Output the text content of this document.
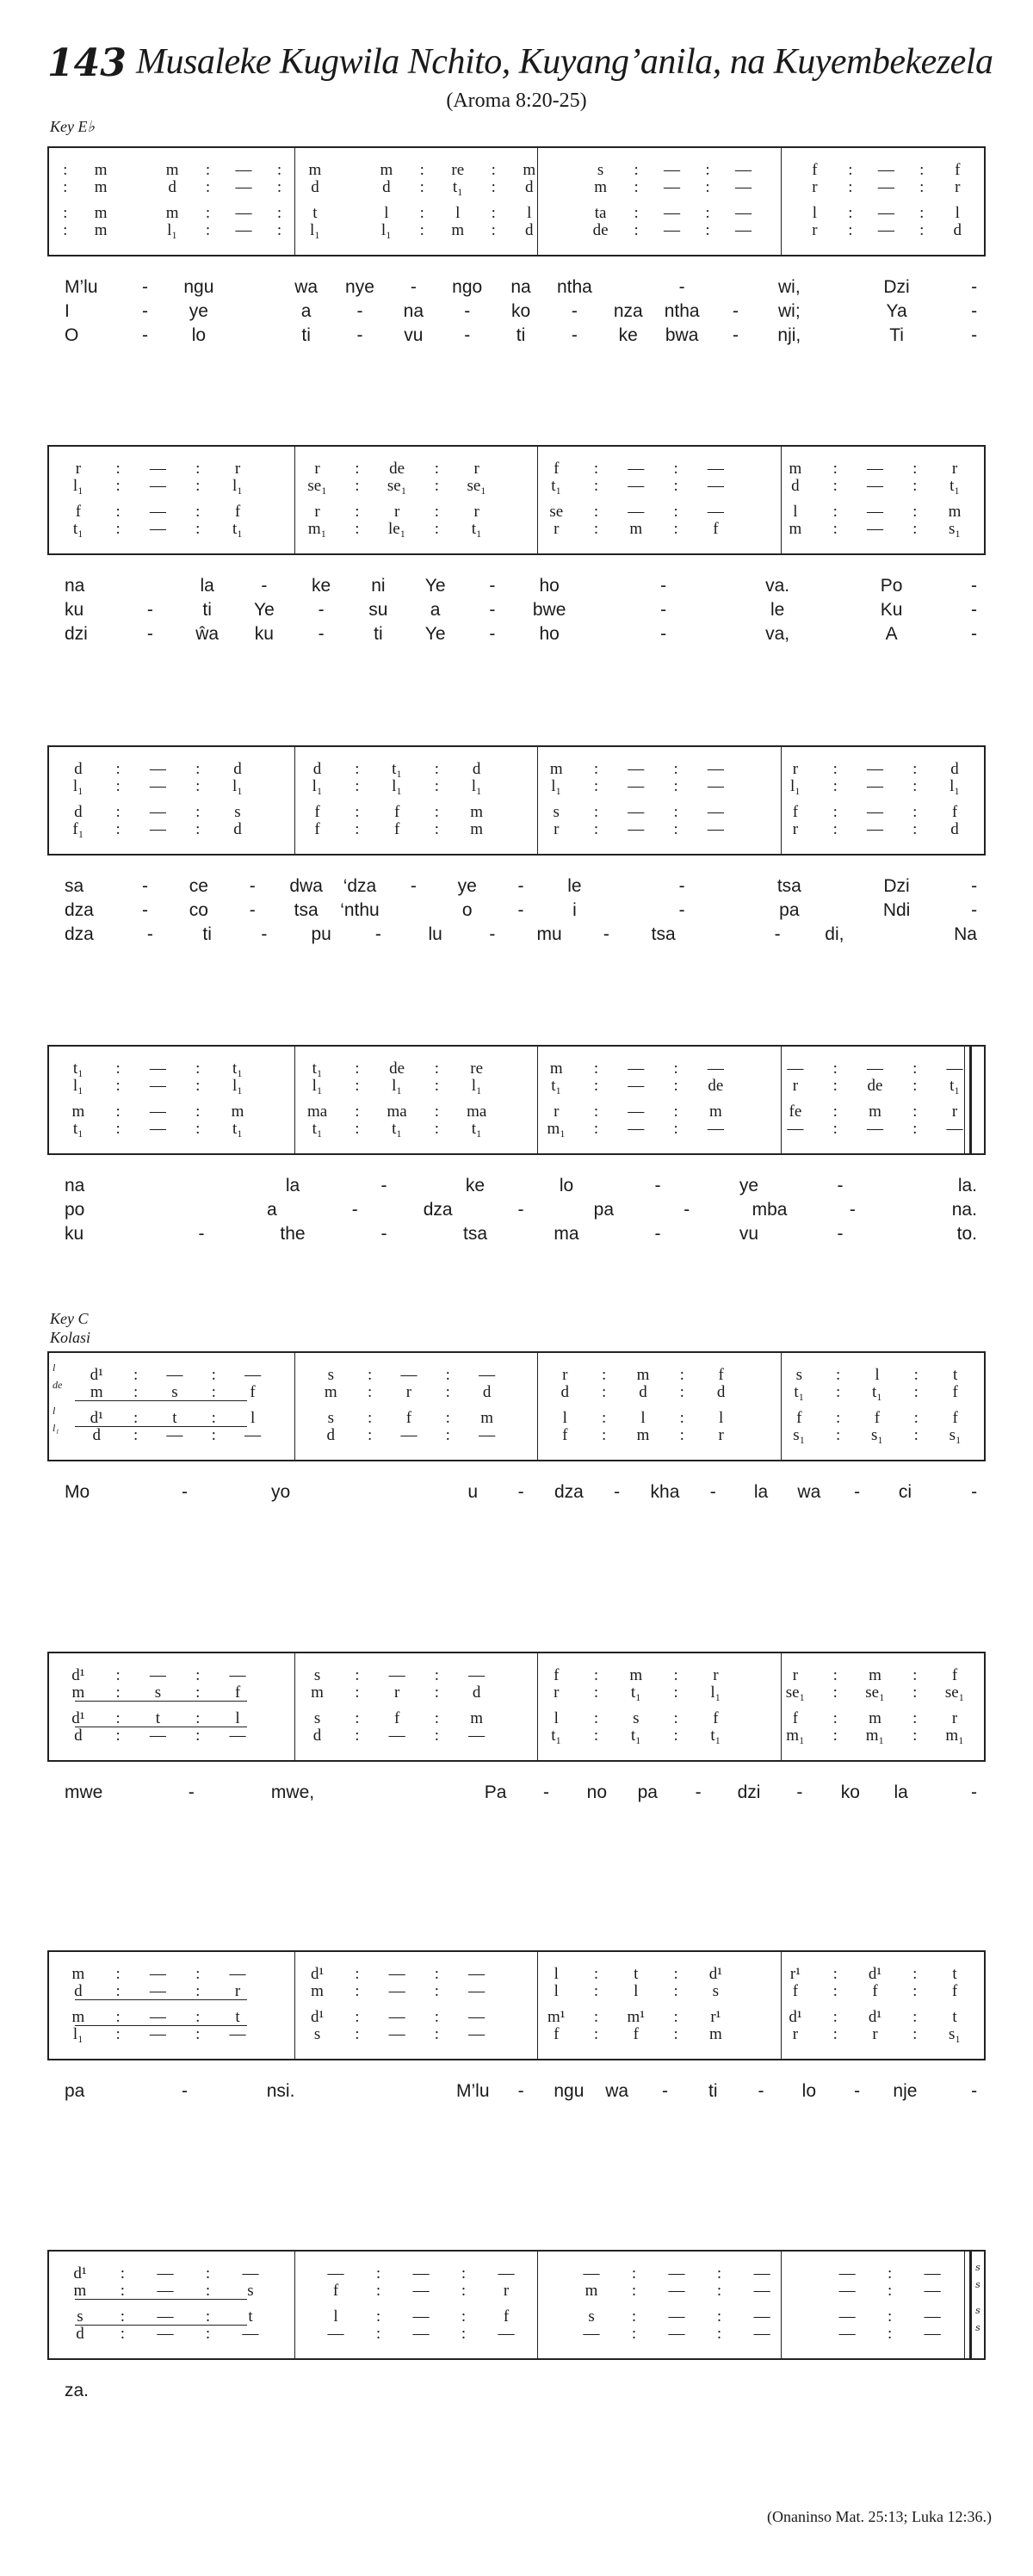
143 Musaleke Kugwila Nchito, Kuyang’anila, na Kuyembekezela
(Aroma 8:20-25)
Key E♭
Key C
Kolasi
:	m	m	:	—	:	m	m	:	re	:	m	s	:	—	:	—	f	:	—	:	f
:	m	d	:	—	:	d	d	:	t₁	:	d	m	:	—	:	—	r	:	—	:	r
:	m	m	:	—	:	t	l	:	l	:	l	ta	:	—	:	—	l	:	—	:	l
:	m	l₁	:	—	:	l₁	l₁	:	m	:	d	de	:	—	:	—	r	:	—	:	d
M’lu	-	ngu	wa	nye	-	ngo	na	ntha	-	wi,	Dzi	-
I	-	ye	a	-	na	-	ko	-	nza	ntha	-	wi;	Ya	-
O	-	lo	ti	-	vu	-	ti	-	ke	bwa	-	nji,	Ti	-
r	:	—	:	r	r	:	de	:	r	f	:	—	:	—	m	:	—	:	r
l₁	:	—	:	l₁	se₁	:	se₁	:	se₁	t₁	:	—	:	—	d	:	—	:	t₁
f	:	—	:	f	r	:	r	:	r	se	:	—	:	—	l	:	—	:	m
t₁	:	—	:	t₁	m₁	:	le₁	:	t₁	r	:	m	:	f	m	:	—	:	s₁
na	la	-	ke	ni	Ye	-	ho	-	va.	Po	-
ku	-	ti	Ye	-	su	a	-	bwe	-	le	Ku	-
dzi	-	ŵa	ku	-	ti	Ye	-	ho	-	va,	A	-
d	:	—	:	d	d	:	t₁	:	d	m	:	—	:	—	r	:	—	:	d
l₁	:	—	:	l₁	l₁	:	l₁	:	l₁	l₁	:	—	:	—	l₁	:	—	:	l₁
d	:	—	:	s	f	:	f	:	m	s	:	—	:	—	f	:	—	:	f
f₁	:	—	:	d	f	:	f	:	m	r	:	—	:	—	r	:	—	:	d
sa	-	ce	-	dwa	‘dza	-	ye	-	le	-	tsa	Dzi	-
dza	-	co	-	tsa	‘nthu	o	-	i	-	pa	Ndi	-
dza	-	ti	-	pu	-	lu	-	mu	-	tsa	-	di,	Na
t₁	:	—	:	t₁	t₁	:	de	:	re	m	:	—	:	—	—	:	—	:	—
l₁	:	—	:	l₁	l₁	:	l₁	:	l₁	t₁	:	—	:	de	r	:	de	:	t₁
m	:	—	:	m	ma	:	ma	:	ma	r	:	—	:	m	fe	:	m	:	r
t₁	:	—	:	t₁	t₁	:	t₁	:	t₁	m₁	:	—	:	—	—	:	—	:	—
na	la	-	ke	lo	-	ye	-	la.
po	a	-	dza	-	pa	-	mba	-	na.
ku	-	the	-	tsa	ma	-	vu	-	to.
d¹	:	—	:	—	s	:	—	:	—	r	:	m	:	f	s	:	l	:	t
m	:	s	:	f	m	:	r	:	d	d	:	d	:	d	t₁	:	t₁	:	f
d¹	:	t	:	l	s	:	f	:	m	l	:	l	:	l	f	:	f	:	f
d	:	—	:	—	d	:	—	:	—	f	:	m	:	r	s₁	:	s₁	:	s₁
l
de
l
l₁
Mo	-	yo	u	-	dza	-	kha	-	la	wa	-	ci	-
d¹	:	—	:	—	s	:	—	:	—	f	:	m	:	r	r	:	m	:	f
m	:	s	:	f	m	:	r	:	d	r	:	t₁	:	l₁	se₁	:	se₁	:	se₁
d¹	:	t	:	l	s	:	f	:	m	l	:	s	:	f	f	:	m	:	r
d	:	—	:	—	d	:	—	:	—	t₁	:	t₁	:	t₁	m₁	:	m₁	:	m₁
mwe	-	mwe,	Pa	-	no	pa	-	dzi	-	ko	la	-
m	:	—	:	—	d¹	:	—	:	—	l	:	t	:	d¹	r¹	:	d¹	:	t
d	:	—	:	r	m	:	—	:	—	l	:	l	:	s	f	:	f	:	f
m	:	—	:	t	d¹	:	—	:	—	m¹	:	m¹	:	r¹	d¹	:	d¹	:	t
l₁	:	—	:	—	s	:	—	:	—	f	:	f	:	m	r	:	r	:	s₁
pa	-	nsi.	M’lu	-	ngu	wa	-	ti	-	lo	-	nje	-
d¹	:	—	:	—	—	:	—	:	—	—	:	—	:	—	—	:	—
m	:	—	:	s	f	:	—	:	r	m	:	—	:	—	—	:	—
s	:	—	:	t	l	:	—	:	f	s	:	—	:	—	—	:	—
d	:	—	:	—	—	:	—	:	—	—	:	—	:	—	—	:	—
s
s
s
s
za.
(Onaninso Mat. 25:13; Luka 12:36.)
